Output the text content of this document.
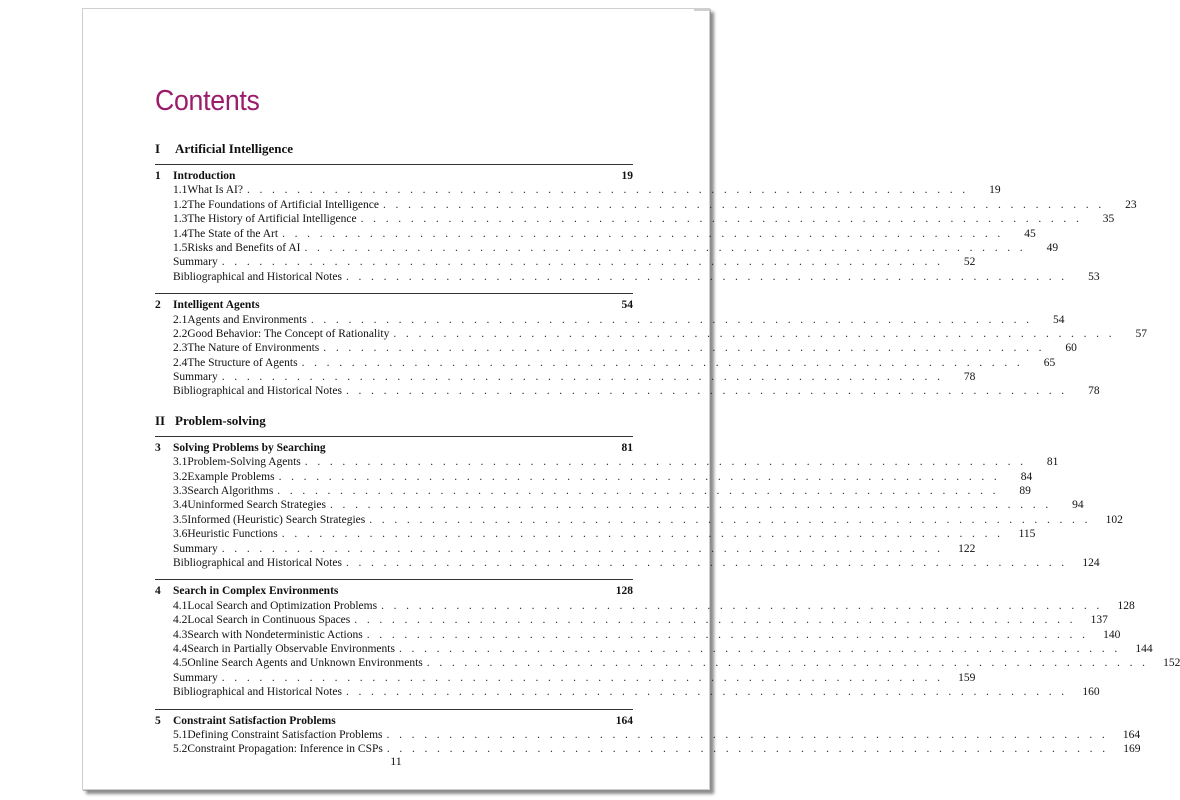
Contents
I	Artificial Intelligence
1	Introduction	19
1.1 What Is AI? . . . . . . . . . . . . . . . . . . . . . . . . . . . . . . . . . . . . . . . . . . . . . . . . . . . . . . . . . .	19
1.2 The Foundations of Artificial Intelligence . . . . . . . . . . . . . . . . . . . . . . . . . . . . . . . . . . . . . . . . . . . . . . . . . . . . . . . . . .	23
1.3 The History of Artificial Intelligence . . . . . . . . . . . . . . . . . . . . . . . . . . . . . . . . . . . . . . . . . . . . . . . . . . . . . . . . . .	35
1.4 The State of the Art . . . . . . . . . . . . . . . . . . . . . . . . . . . . . . . . . . . . . . . . . . . . . . . . . . . . . . . . . .	45
1.5 Risks and Benefits of AI . . . . . . . . . . . . . . . . . . . . . . . . . . . . . . . . . . . . . . . . . . . . . . . . . . . . . . . . . .	49
Summary . . . . . . . . . . . . . . . . . . . . . . . . . . . . . . . . . . . . . . . . . . . . . . . . . . . . . . . . . .	52
Bibliographical and Historical Notes . . . . . . . . . . . . . . . . . . . . . . . . . . . . . . . . . . . . . . . . . . . . . . . . . . . . . . . . . .	53
2	Intelligent Agents	54
2.1 Agents and Environments . . . . . . . . . . . . . . . . . . . . . . . . . . . . . . . . . . . . . . . . . . . . . . . . . . . . . . . . . .	54
2.2 Good Behavior: The Concept of Rationality . . . . . . . . . . . . . . . . . . . . . . . . . . . . . . . . . . . . . . . . . . . . . . . . . . . . . . . . . .	57
2.3 The Nature of Environments . . . . . . . . . . . . . . . . . . . . . . . . . . . . . . . . . . . . . . . . . . . . . . . . . . . . . . . . . .	60
2.4 The Structure of Agents . . . . . . . . . . . . . . . . . . . . . . . . . . . . . . . . . . . . . . . . . . . . . . . . . . . . . . . . . .	65
Summary . . . . . . . . . . . . . . . . . . . . . . . . . . . . . . . . . . . . . . . . . . . . . . . . . . . . . . . . . .	78
Bibliographical and Historical Notes . . . . . . . . . . . . . . . . . . . . . . . . . . . . . . . . . . . . . . . . . . . . . . . . . . . . . . . . . .	78
II Problem-solving
3	Solving Problems by Searching	81
3.1 Problem-Solving Agents . . . . . . . . . . . . . . . . . . . . . . . . . . . . . . . . . . . . . . . . . . . . . . . . . . . . . . . . . .	81
3.2 Example Problems . . . . . . . . . . . . . . . . . . . . . . . . . . . . . . . . . . . . . . . . . . . . . . . . . . . . . . . . . .	84
3.3 Search Algorithms . . . . . . . . . . . . . . . . . . . . . . . . . . . . . . . . . . . . . . . . . . . . . . . . . . . . . . . . . .	89
3.4 Uninformed Search Strategies . . . . . . . . . . . . . . . . . . . . . . . . . . . . . . . . . . . . . . . . . . . . . . . . . . . . . . . . . .	94
3.5 Informed (Heuristic) Search Strategies . . . . . . . . . . . . . . . . . . . . . . . . . . . . . . . . . . . . . . . . . . . . . . . . . . . . . . . . . .	102
3.6 Heuristic Functions . . . . . . . . . . . . . . . . . . . . . . . . . . . . . . . . . . . . . . . . . . . . . . . . . . . . . . . . . .	115
Summary . . . . . . . . . . . . . . . . . . . . . . . . . . . . . . . . . . . . . . . . . . . . . . . . . . . . . . . . . .	122
Bibliographical and Historical Notes . . . . . . . . . . . . . . . . . . . . . . . . . . . . . . . . . . . . . . . . . . . . . . . . . . . . . . . . . .	124
4	Search in Complex Environments	128
4.1 Local Search and Optimization Problems . . . . . . . . . . . . . . . . . . . . . . . . . . . . . . . . . . . . . . . . . . . . . . . . . . . . . . . . . .	128
4.2 Local Search in Continuous Spaces . . . . . . . . . . . . . . . . . . . . . . . . . . . . . . . . . . . . . . . . . . . . . . . . . . . . . . . . . .	137
4.3 Search with Nondeterministic Actions . . . . . . . . . . . . . . . . . . . . . . . . . . . . . . . . . . . . . . . . . . . . . . . . . . . . . . . . . .	140
4.4 Search in Partially Observable Environments . . . . . . . . . . . . . . . . . . . . . . . . . . . . . . . . . . . . . . . . . . . . . . . . . . . . . . . . . .	144
4.5 Online Search Agents and Unknown Environments . . . . . . . . . . . . . . . . . . . . . . . . . . . . . . . . . . . . . . . . . . . . . . . . . . . . . . . . . .	152
Summary . . . . . . . . . . . . . . . . . . . . . . . . . . . . . . . . . . . . . . . . . . . . . . . . . . . . . . . . . .	159
Bibliographical and Historical Notes . . . . . . . . . . . . . . . . . . . . . . . . . . . . . . . . . . . . . . . . . . . . . . . . . . . . . . . . . .	160
5	Constraint Satisfaction Problems	164
5.1 Defining Constraint Satisfaction Problems . . . . . . . . . . . . . . . . . . . . . . . . . . . . . . . . . . . . . . . . . . . . . . . . . . . . . . . . . .	164
5.2 Constraint Propagation: Inference in CSPs . . . . . . . . . . . . . . . . . . . . . . . . . . . . . . . . . . . . . . . . . . . . . . . . . . . . . . . . . .	169
11
